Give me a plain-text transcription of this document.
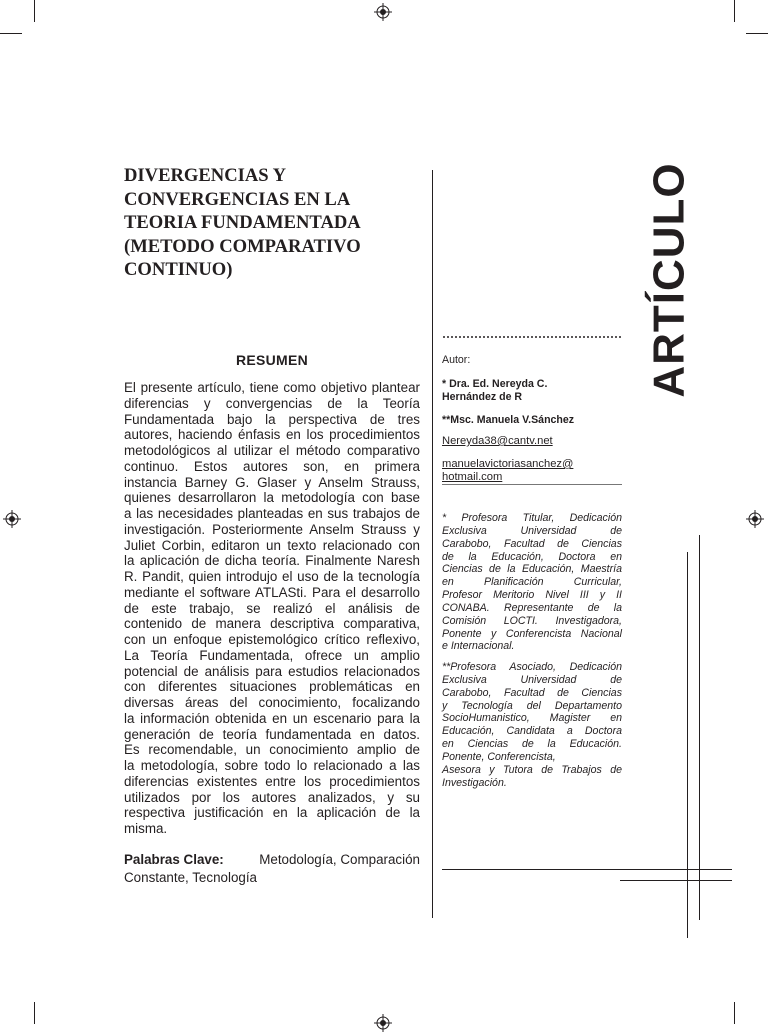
DIVERGENCIAS Y
CONVERGENCIAS EN LA
TEORIA FUNDAMENTADA
(METODO COMPARATIVO
CONTINUO)	ARTÍCULO
RESUMEN
El presente artículo, tiene como objetivo plantear
diferencias y convergencias de la Teoría
Fundamentada bajo la perspectiva de tres
autores, haciendo énfasis en los procedimientos
metodológicos al utilizar el método comparativo
continuo. Estos autores son, en primera
instancia Barney G. Glaser y Anselm Strauss,
quienes desarrollaron la metodología con base
a las necesidades planteadas en sus trabajos de
investigación. Posteriormente Anselm Strauss y
Juliet Corbin, editaron un texto relacionado con
la aplicación de dicha teoría. Finalmente Naresh
R. Pandit, quien introdujo el uso de la tecnología
mediante el software ATLASti. Para el desarrollo
de este trabajo, se realizó el análisis de
contenido de manera descriptiva comparativa,
con un enfoque epistemológico crítico reflexivo,
La Teoría Fundamentada, ofrece un amplio
potencial de análisis para estudios relacionados
con diferentes situaciones problemáticas en
diversas áreas del conocimiento, focalizando
la información obtenida en un escenario para la
generación de teoría fundamentada en datos.
Es recomendable, un conocimiento amplio de
la metodología, sobre todo lo relacionado a las
diferencias existentes entre los procedimientos
utilizados por los autores analizados, y su
respectiva justificación en la aplicación de la
misma.
Palabras Clave:	Metodología, Comparación
Constante, Tecnología
Autor:
* Dra. Ed. Nereyda C.
Hernández de R
**Msc. Manuela V.Sánchez
Nereyda38@cantv.net
manuelavictoriasanchez@
hotmail.com
* Profesora Titular, Dedicación
Exclusiva Universidad de
Carabobo, Facultad de Ciencias
de la Educación, Doctora en
Ciencias de la Educación, Maestría
en Planificación Curricular,
Profesor Meritorio Nivel III y II
CONABA. Representante de la
Comisión LOCTI. Investigadora,
Ponente y Conferencista Nacional
e Internacional.
**Profesora Asociado, Dedicación
Exclusiva Universidad de
Carabobo, Facultad de Ciencias
y Tecnología del Departamento
SocioHumanistico, Magister en
Educación, Candidata a Doctora
en Ciencias de la Educación.
Ponente, Conferencista,
Asesora y Tutora de Trabajos de
Investigación.
